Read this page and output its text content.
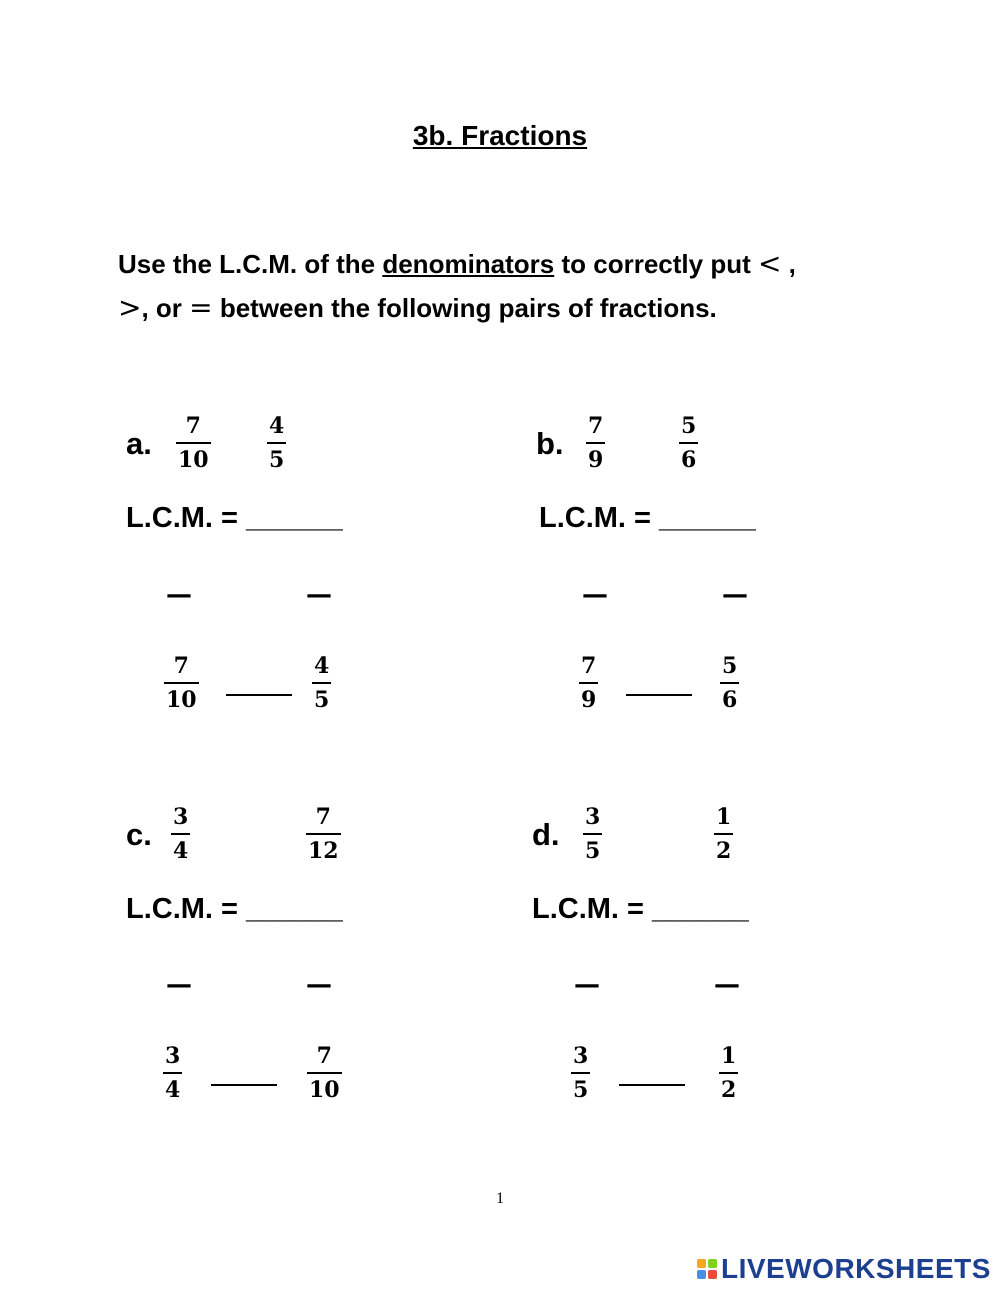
3b. Fractions
Use the L.C.M. of the denominators to correctly put < ,
>, or = between the following pairs of fractions.
a. 7
10
4
5
L.C.M. = ______
—	—
7
10
4
5
b. 7
9
5
6
L.C.M. = ______
—	—
7
9
5
6
c. 3
4
7
12
L.C.M. = ______
—	—
3
4
7
10
d. 3
5
1
2
L.C.M. = ______
—	—
3
5
1
2
1
LIVEWORKSHEETS
